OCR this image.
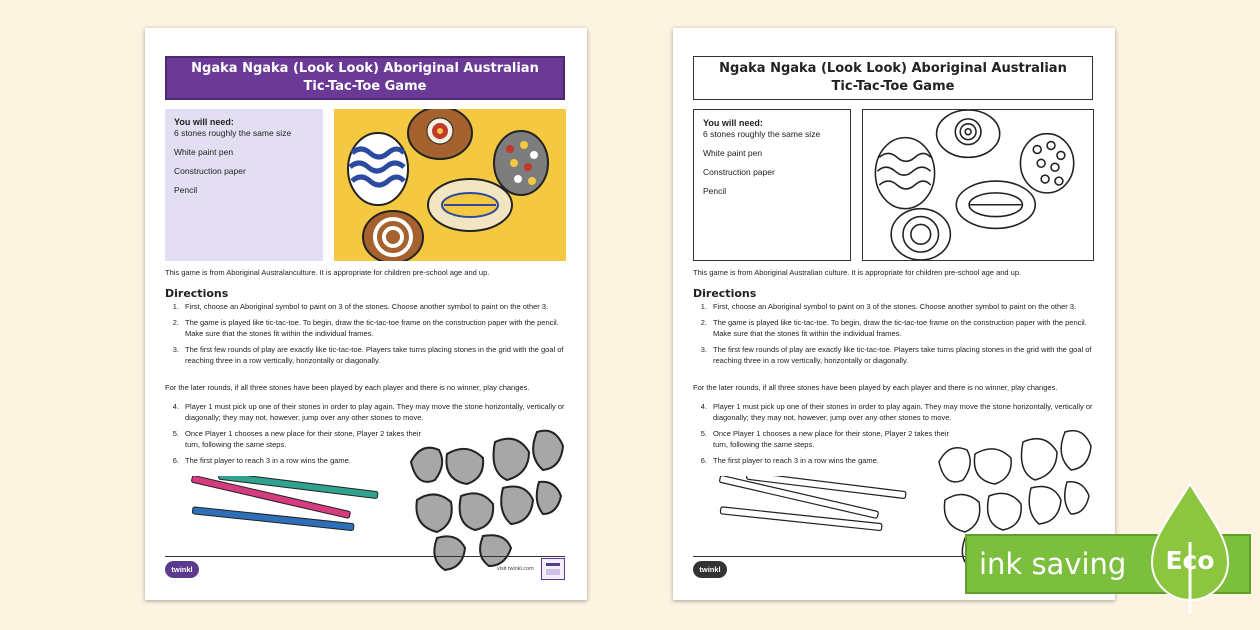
Ngaka Ngaka (Look Look) Aboriginal Australian
Tic-Tac-Toe Game
You will need:
6 stones roughly the same size
White paint pen
Construction paper
Pencil
This game is from Aboriginal Australanculture. It is appropriate for children pre-school age and up.
Directions
1. First, choose an Aboriginal symbol to paint on 3 of the stones. Choose another symbol to paint on the other 3.
2. The game is played like tic-tac-toe. To begin, draw the tic-tac-toe frame on the construction paper with the pencil. Make sure that the stones fit within the individual frames.
3. The first few rounds of play are exactly like tic-tac-toe. Players take turns placing stones in the grid with the goal of reaching three in a row vertically, horizontally or diagonally.
For the later rounds, if all three stones have been played by each player and there is no winner, play changes.
4. Player 1 must pick up one of their stones in order to play again. They may move the stone horizontally, vertically or diagonally; they may not, however, jump over any other stones to move.
5. Once Player 1 chooses a new place for their stone, Player 2 takes their turn, following the same steps.
6. The first player to reach 3 in a row wins the game.
twinkl	visit twinkl.com
Ngaka Ngaka (Look Look) Aboriginal Australian
Tic-Tac-Toe Game
You will need:
6 stones roughly the same size
White paint pen
Construction paper
Pencil
This game is from Aboriginal Australian culture. It is appropriate for children pre-school age and up.
Directions
1. First, choose an Aboriginal symbol to paint on 3 of the stones. Choose another symbol to paint on the other 3.
2. The game is played like tic-tac-toe. To begin, draw the tic-tac-toe frame on the construction paper with the pencil. Make sure that the stones fit within the individual frames.
3. The first few rounds of play are exactly like tic-tac-toe. Players take turns placing stones in the grid with the goal of reaching three in a row vertically, horizontally or diagonally.
For the later rounds, if all three stones have been played by each player and there is no winner, play changes.
4. Player 1 must pick up one of their stones in order to play again. They may move the stone horizontally, vertically or diagonally; they may not, however, jump over any other stones to move.
5. Once Player 1 chooses a new place for their stone, Player 2 takes their turn, following the same steps.
6. The first player to reach 3 in a row wins the game.
twinkl	ink saving	Eco
